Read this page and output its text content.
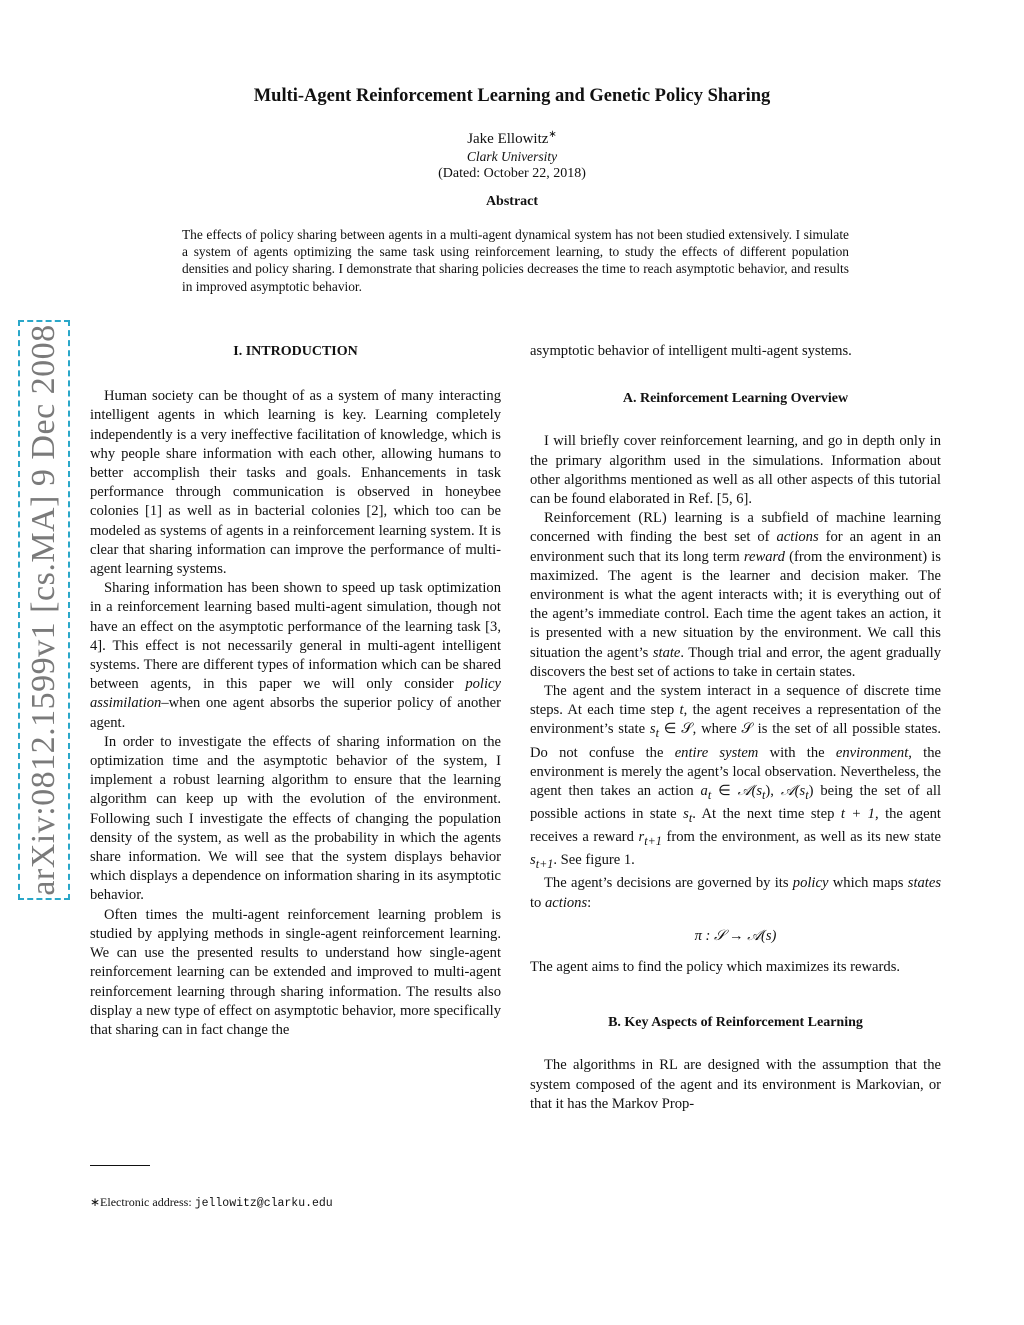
arXiv:0812.1599v1 [cs.MA] 9 Dec 2008
Multi-Agent Reinforcement Learning and Genetic Policy Sharing
Jake Ellowitz∗
Clark University
(Dated: October 22, 2018)
Abstract
The effects of policy sharing between agents in a multi-agent dynamical system has not been studied extensively. I simulate a system of agents optimizing the same task using reinforcement learning, to study the effects of different population densities and policy sharing. I demonstrate that sharing policies decreases the time to reach asymptotic behavior, and results in improved asymptotic behavior.
I. INTRODUCTION

Human society can be thought of as a system of many interacting intelligent agents in which learning is key. Learning completely independently is a very ineffective facilitation of knowledge, which is why people share information with each other, allowing humans to better accomplish their tasks and goals. Enhancements in task performance through communication is observed in honeybee colonies [1] as well as in bacterial colonies [2], which too can be modeled as systems of agents in a reinforcement learning system. It is clear that sharing information can improve the performance of multi-agent learning systems.

Sharing information has been shown to speed up task optimization in a reinforcement learning based multi-agent simulation, though not have an effect on the asymptotic performance of the learning task [3, 4]. This effect is not necessarily general in multi-agent intelligent systems. There are different types of information which can be shared between agents, in this paper we will only consider policy assimilation–when one agent absorbs the superior policy of another agent.

In order to investigate the effects of sharing information on the optimization time and the asymptotic behavior of the system, I implement a robust learning algorithm to ensure that the learning algorithm can keep up with the evolution of the environment. Following such I investigate the effects of changing the population density of the system, as well as the probability in which the agents share information. We will see that the system displays behavior which displays a dependence on information sharing in its asymptotic behavior.

Often times the multi-agent reinforcement learning problem is studied by applying methods in single-agent reinforcement learning. We can use the presented results to understand how single-agent reinforcement learning can be extended and improved to multi-agent reinforcement learning through sharing information. The results also display a new type of effect on asymptotic behavior, more specifically that sharing can in fact change the

asymptotic behavior of intelligent multi-agent systems.

A. Reinforcement Learning Overview

I will briefly cover reinforcement learning, and go in depth only in the primary algorithm used in the simulations. Information about other algorithms mentioned as well as all other aspects of this tutorial can be found elaborated in Ref. [5, 6].

Reinforcement (RL) learning is a subfield of machine learning concerned with finding the best set of actions for an agent in an environment such that its long term reward (from the environment) is maximized. The agent is the learner and decision maker. The environment is what the agent interacts with; it is everything out of the agent’s immediate control. Each time the agent takes an action, it is presented with a new situation by the environment. We call this situation the agent’s state. Though trial and error, the agent gradually discovers the best set of actions to take in certain states.

The agent and the system interact in a sequence of discrete time steps. At each time step t, the agent receives a representation of the environment’s state $s_t$ ∈ 𝒮, where 𝒮 is the set of all possible states. Do not confuse the entire system with the environment, the environment is merely the agent’s local observation. Nevertheless, the agent then takes an action $a_t$ ∈ $𝒜(s_t)$, $𝒜(s_t)$ being the set of all possible actions in state $s_t$. At the next time step t + 1, the agent receives a reward $r_{t+1}$ from the environment, as well as its new state $s_{t+1}$. See figure 1.

The agent’s decisions are governed by its policy which maps states to actions:

π : 𝒮 → 𝒜(s)

The agent aims to find the policy which maximizes its rewards.

B. Key Aspects of Reinforcement Learning

The algorithms in RL are designed with the assumption that the system composed of the agent and its environment is Markovian, or that it has the Markov Prop-

∗Electronic address: jellowitz@clarku.edu
